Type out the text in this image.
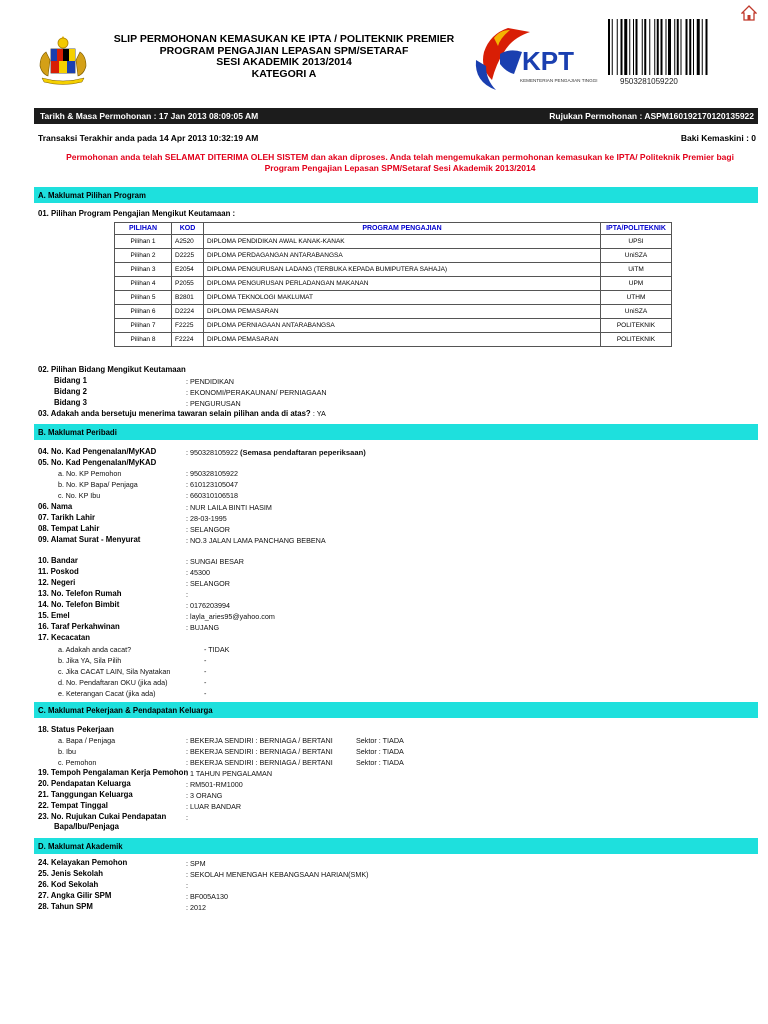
SLIP PERMOHONAN KEMASUKAN KE IPTA / POLITEKNIK PREMIER
PROGRAM PENGAJIAN LEPASAN SPM/SETARAF
SESI AKADEMIK 2013/2014
KATEGORI A	KPT
KEMENTERIAN PENGAJIAN TINGGI	9503281059220
Tarikh & Masa Permohonan : 17 Jan 2013 08:09:05 AM	Rujukan Permohonan : ASPM160192170120135922
Transaksi Terakhir anda pada 14 Apr 2013 10:32:19 AM	Baki Kemaskini : 0
Permohonan anda telah SELAMAT DITERIMA OLEH SISTEM dan akan diproses. Anda telah mengemukakan permohonan kemasukan ke IPTA/ Politeknik Premier bagi Program Pengajian Lepasan SPM/Setaraf Sesi Akademik 2013/2014
A. Maklumat Pilihan Program
01. Pilihan Program Pengajian Mengikut Keutamaan :
PILIHAN	KOD	PROGRAM PENGAJIAN	IPTA/POLITEKNIK
Pilihan 1	A2520	DIPLOMA PENDIDIKAN AWAL KANAK-KANAK	UPSI
Pilihan 2	D2225	DIPLOMA PERDAGANGAN ANTARABANGSA	UniSZA
Pilihan 3	E2054	DIPLOMA PENGURUSAN LADANG (TERBUKA KEPADA BUMIPUTERA SAHAJA)	UiTM
Pilihan 4	P2055	DIPLOMA PENGURUSAN PERLADANGAN MAKANAN	UPM
Pilihan 5	B2801	DIPLOMA TEKNOLOGI MAKLUMAT	UTHM
Pilihan 6	D2224	DIPLOMA PEMASARAN	UniSZA
Pilihan 7	F2225	DIPLOMA PERNIAGAAN ANTARABANGSA	POLITEKNIK
Pilihan 8	F2224	DIPLOMA PEMASARAN	POLITEKNIK
02. Pilihan Bidang Mengikut Keutamaan
Bidang 1	: PENDIDIKAN
Bidang 2	: EKONOMI/PERAKAUNAN/ PERNIAGAAN
Bidang 3	: PENGURUSAN
03. Adakah anda bersetuju menerima tawaran selain pilihan anda di atas? : YA
B. Maklumat Peribadi
04. No. Kad Pengenalan/MyKAD	: 950328105922 (Semasa pendaftaran peperiksaan)
05. No. Kad Pengenalan/MyKAD
a. No. KP Pemohon	: 950328105922
b. No. KP Bapa/ Penjaga	: 610123105047
c. No. KP Ibu	: 660310106518
06. Nama	: NUR LAILA BINTI HASIM
07. Tarikh Lahir	: 28-03-1995
08. Tempat Lahir	: SELANGOR
09. Alamat Surat - Menyurat	: NO.3 JALAN LAMA PANCHANG BEBENA
10. Bandar	: SUNGAI BESAR
11. Poskod	: 45300
12. Negeri	: SELANGOR
13. No. Telefon Rumah	:
14. No. Telefon Bimbit	: 0176203994
15. Emel	: layla_aries95@yahoo.com
16. Taraf Perkahwinan	: BUJANG
17. Kecacatan
a. Adakah anda cacat?	- TIDAK
b. Jika YA, Sila Pilih	-
c. Jika CACAT LAIN, Sila Nyatakan	-
d. No. Pendaftaran OKU (jika ada)	-
e. Keterangan Cacat (jika ada)	-
C. Maklumat Pekerjaan & Pendapatan Keluarga
18. Status Pekerjaan
a. Bapa / Penjaga	: BEKERJA SENDIRI : BERNIAGA / BERTANI	Sektor : TIADA
b. Ibu	: BEKERJA SENDIRI : BERNIAGA / BERTANI	Sektor : TIADA
c. Pemohon	: BEKERJA SENDIRI : BERNIAGA / BERTANI	Sektor : TIADA
19. Tempoh Pengalaman Kerja Pemohon
: 1 TAHUN PENGALAMAN
20. Pendapatan Keluarga	: RM501-RM1000
21. Tanggungan Keluarga	: 3 ORANG
22. Tempat Tinggal	: LUAR BANDAR
23. No. Rujukan Cukai Pendapatan	:
Bapa/Ibu/Penjaga
D. Maklumat Akademik
24. Kelayakan Pemohon	: SPM
25. Jenis Sekolah	: SEKOLAH MENENGAH KEBANGSAAN HARIAN(SMK)
26. Kod Sekolah	:
27. Angka Gilir SPM	: BF005A130
28. Tahun SPM	: 2012
